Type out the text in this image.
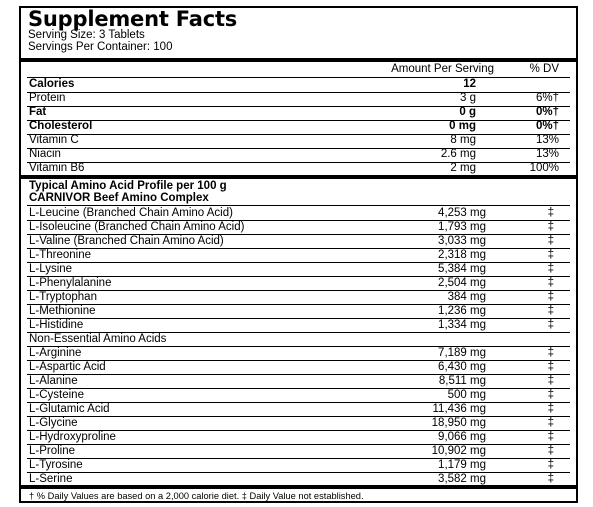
Supplement Facts
Serving Size: 3 Tablets
Servings Per Container: 100
Amount Per Serving	% DV
Calories	12
Protein	3 g	6%†
Fat	0 g	0%†
Cholesterol	0 mg	0%†
Vitamin C	8 mg	13%
Niacin	2.6 mg	13%
Vitamin B6	2 mg	100%
Typical Amino Acid Profile per 100 g
CARNIVOR Beef Amino Complex
L-Leucine (Branched Chain Amino Acid)	4,253 mg	‡
L-Isoleucine (Branched Chain Amino Acid)	1,793 mg	‡
L-Valine (Branched Chain Amino Acid)	3,033 mg	‡
L-Threonine	2,318 mg	‡
L-Lysine	5,384 mg	‡
L-Phenylalanine	2,504 mg	‡
L-Tryptophan	384 mg	‡
L-Methionine	1,236 mg	‡
L-Histidine	1,334 mg	‡
Non-Essential Amino Acids
L-Arginine	7,189 mg	‡
L-Aspartic Acid	6,430 mg	‡
L-Alanine	8,511 mg	‡
L-Cysteine	500 mg	‡
L-Glutamic Acid	11,436 mg	‡
L-Glycine	18,950 mg	‡
L-Hydroxyproline	9,066 mg	‡
L-Proline	10,902 mg	‡
L-Tyrosine	1,179 mg	‡
L-Serine	3,582 mg	‡
† % Daily Values are based on a 2,000 calorie diet. ‡ Daily Value not established.
